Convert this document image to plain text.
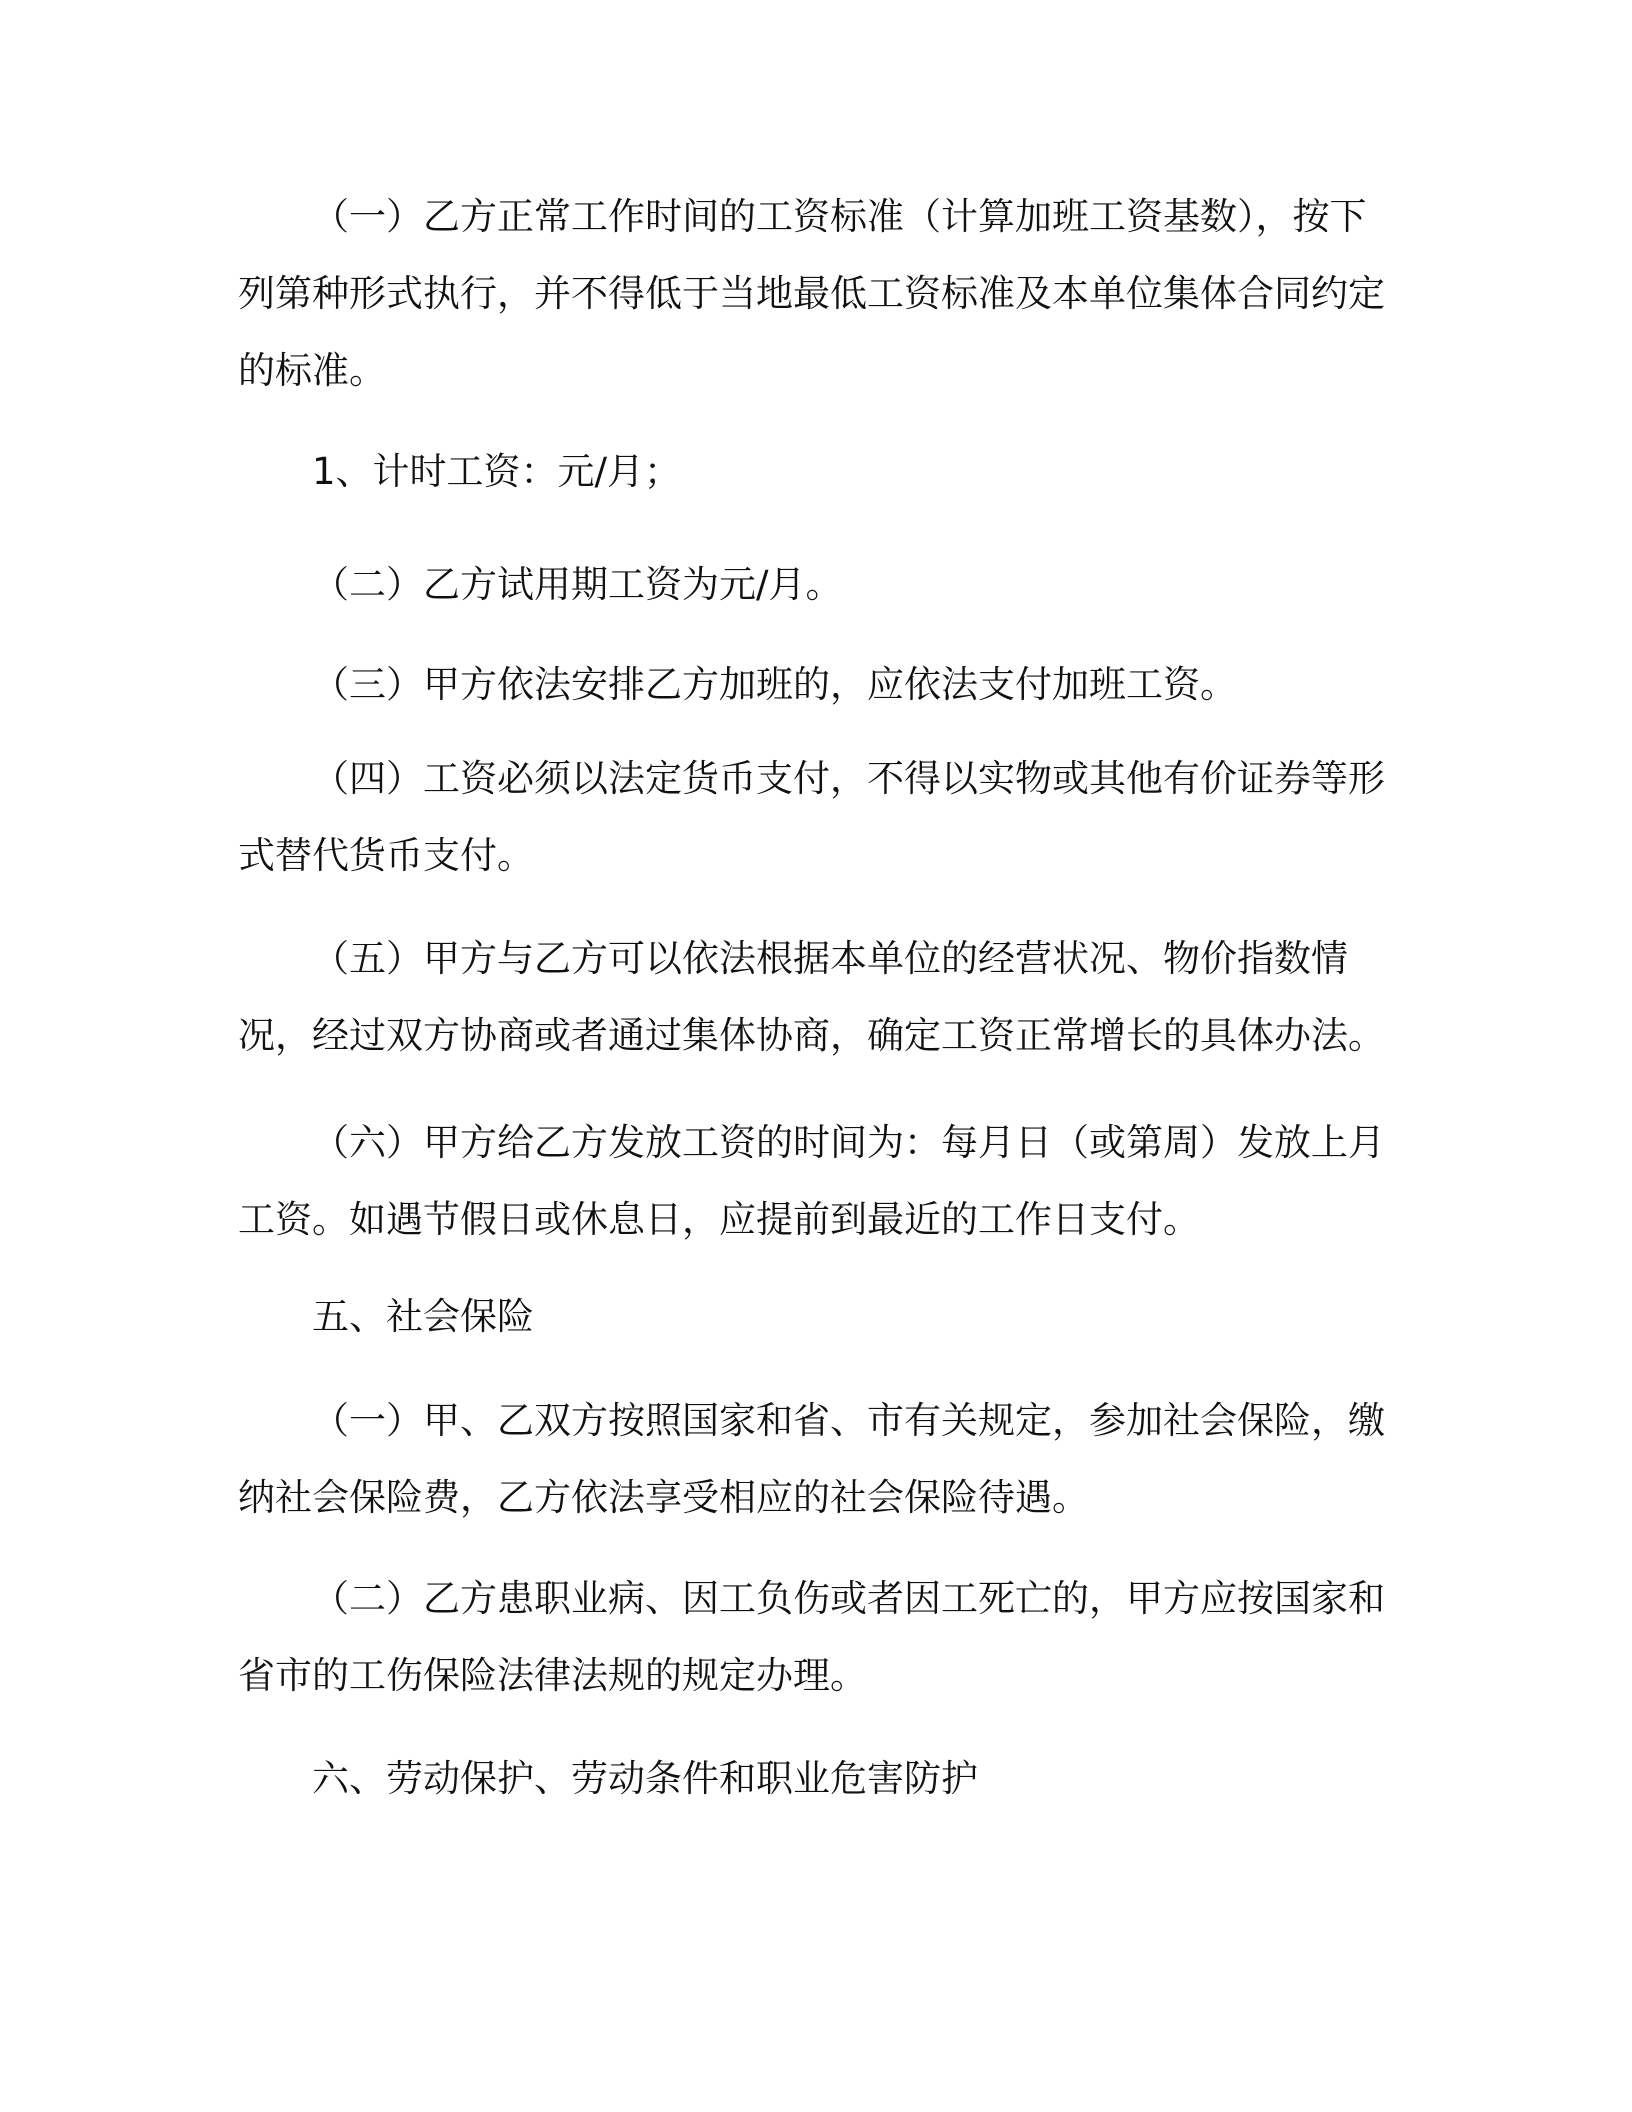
（一）乙方正常工作时间的工资标准（计算加班工资基数），按下列第种形式执行，并不得低于当地最低工资标准及本单位集体合同约定的标准。

1、计时工资：元/月；

（二）乙方试用期工资为元/月。

（三）甲方依法安排乙方加班的，应依法支付加班工资。

（四）工资必须以法定货币支付，不得以实物或其他有价证券等形式替代货币支付。

（五）甲方与乙方可以依法根据本单位的经营状况、物价指数情况，经过双方协商或者通过集体协商，确定工资正常增长的具体办法。

（六）甲方给乙方发放工资的时间为：每月日（或第周）发放上月工资。如遇节假日或休息日，应提前到最近的工作日支付。

五、社会保险

（一）甲、乙双方按照国家和省、市有关规定，参加社会保险，缴纳社会保险费，乙方依法享受相应的社会保险待遇。

（二）乙方患职业病、因工负伤或者因工死亡的，甲方应按国家和省市的工伤保险法律法规的规定办理。

六、劳动保护、劳动条件和职业危害防护
